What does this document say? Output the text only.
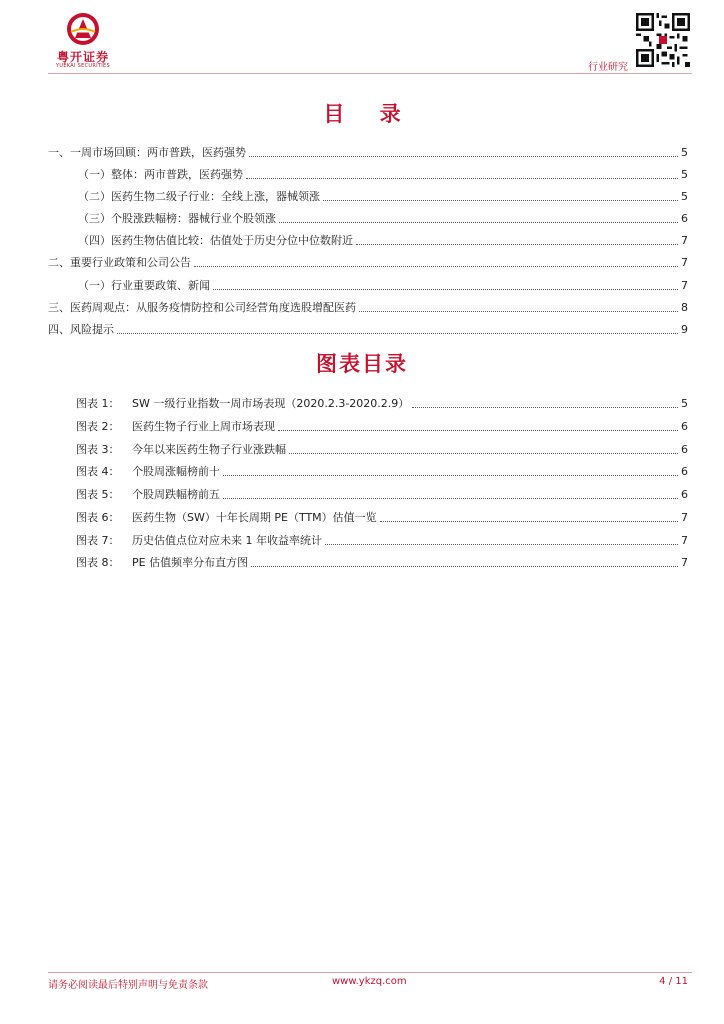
粤开证券
YUEKAI SECURITIES	行业研究
目 录
一、一周市场回顾：两市普跌，医药强势	5
（一）整体：两市普跌，医药强势	5
（二）医药生物二级子行业：全线上涨，器械领涨	5
（三）个股涨跌幅榜：器械行业个股领涨	6
（四）医药生物估值比较：估值处于历史分位中位数附近	7
二、重要行业政策和公司公告	7
（一）行业重要政策、新闻	7
三、医药周观点：从服务疫情防控和公司经营角度选股增配医药	8
四、风险提示	9
图表目录
图表 1：	SW 一级行业指数一周市场表现（2020.2.3-2020.2.9）	5
图表 2：	医药生物子行业上周市场表现	6
图表 3：	今年以来医药生物子行业涨跌幅	6
图表 4：	个股周涨幅榜前十	6
图表 5：	个股周跌幅榜前五	6
图表 6：	医药生物（SW）十年长周期 PE（TTM）估值一览	7
图表 7：	历史估值点位对应未来 1 年收益率统计	7
图表 8：	PE 估值频率分布直方图	7
请务必阅读最后特别声明与免责条款	www.ykzq.com	4 / 11
